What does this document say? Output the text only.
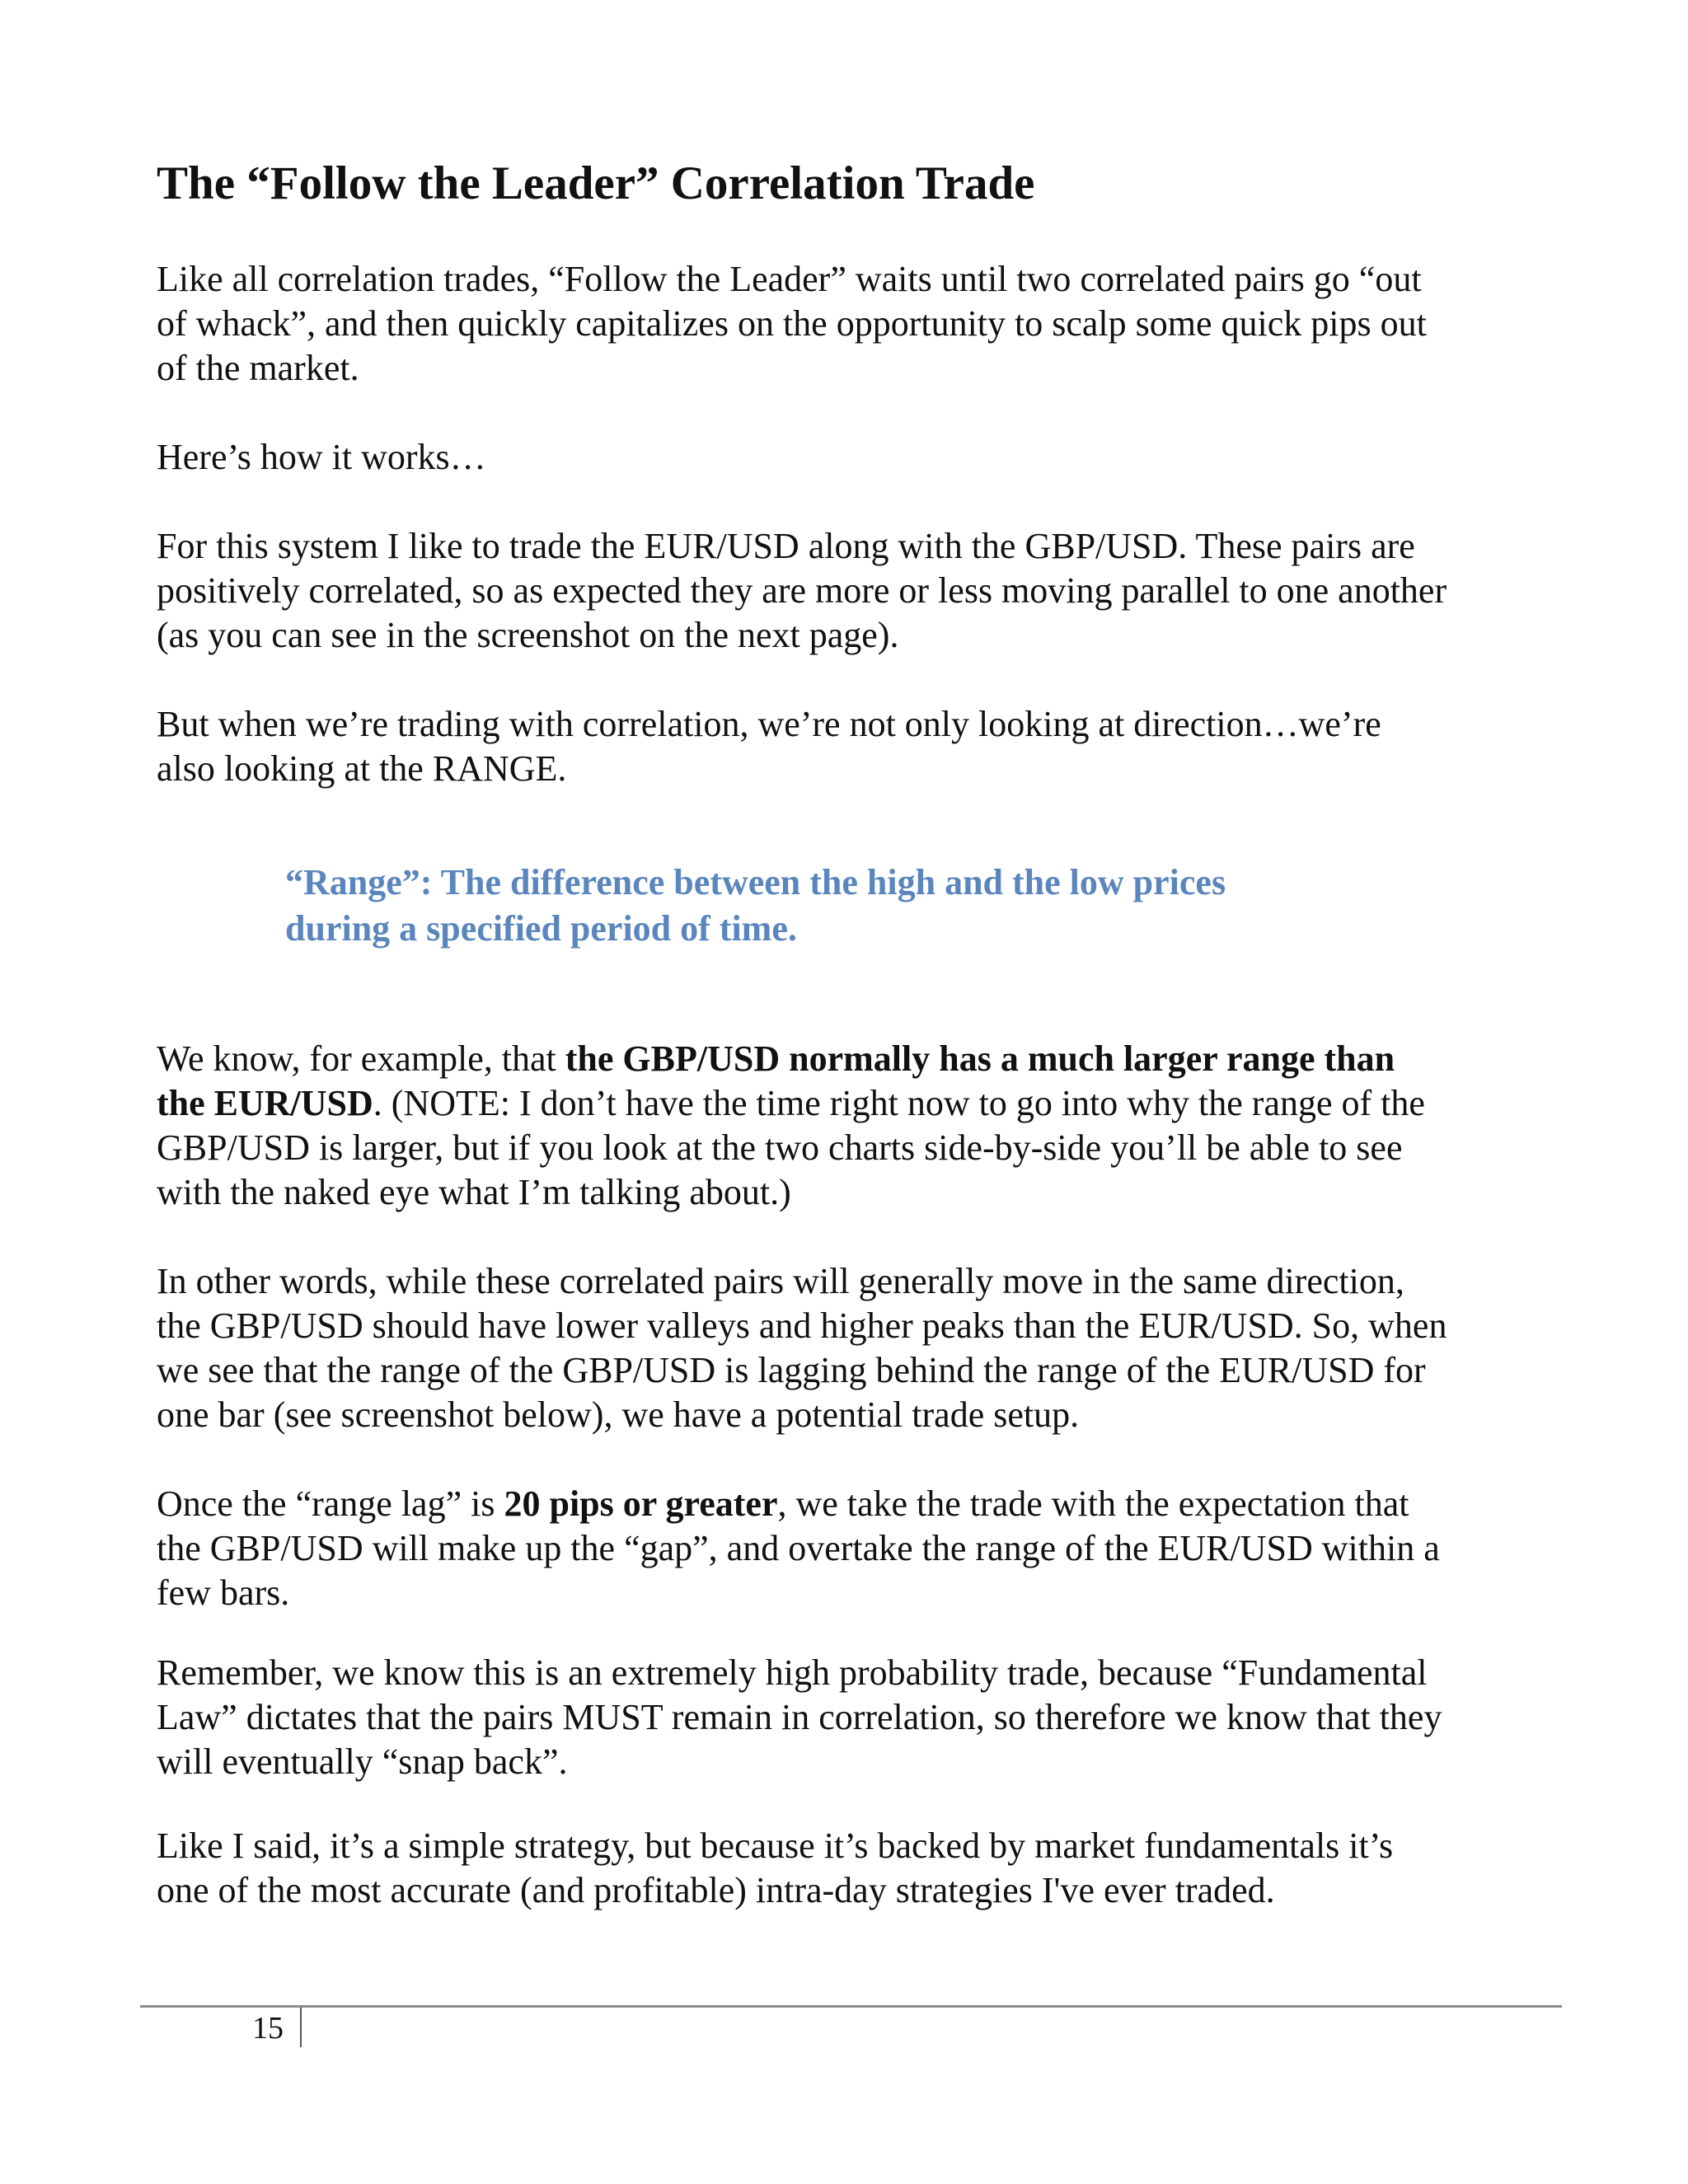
The “Follow the Leader” Correlation Trade

Like all correlation trades, “Follow the Leader” waits until two correlated pairs go “out
of whack”, and then quickly capitalizes on the opportunity to scalp some quick pips out
of the market.

Here’s how it works…

For this system I like to trade the EUR/USD along with the GBP/USD. These pairs are
positively correlated, so as expected they are more or less moving parallel to one another
(as you can see in the screenshot on the next page).

But when we’re trading with correlation, we’re not only looking at direction…we’re
also looking at the RANGE.

“Range”: The difference between the high and the low prices
during a specified period of time.

We know, for example, that the GBP/USD normally has a much larger range than
the EUR/USD. (NOTE: I don’t have the time right now to go into why the range of the
GBP/USD is larger, but if you look at the two charts side-by-side you’ll be able to see
with the naked eye what I’m talking about.)

In other words, while these correlated pairs will generally move in the same direction,
the GBP/USD should have lower valleys and higher peaks than the EUR/USD. So, when
we see that the range of the GBP/USD is lagging behind the range of the EUR/USD for
one bar (see screenshot below), we have a potential trade setup.

Once the “range lag” is 20 pips or greater, we take the trade with the expectation that
the GBP/USD will make up the “gap”, and overtake the range of the EUR/USD within a
few bars.

Remember, we know this is an extremely high probability trade, because “Fundamental
Law” dictates that the pairs MUST remain in correlation, so therefore we know that they
will eventually “snap back”.

Like I said, it’s a simple strategy, but because it’s backed by market fundamentals it’s
one of the most accurate (and profitable) intra-day strategies I've ever traded.

15
